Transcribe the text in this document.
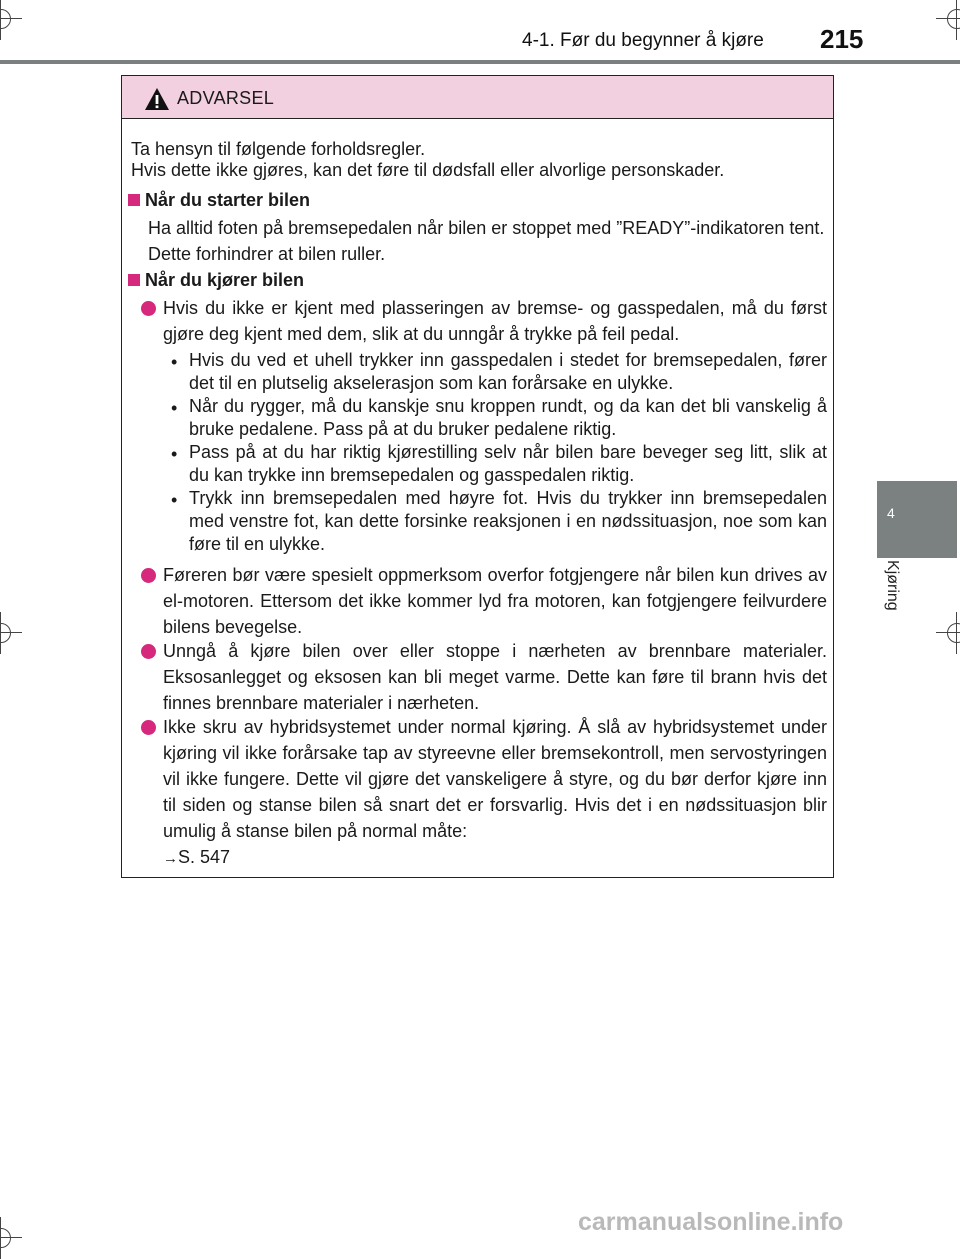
4-1. Før du begynner å kjøre 215
4
Kjøring
ADVARSEL
Ta hensyn til følgende forholdsregler.
Hvis dette ikke gjøres, kan det føre til dødsfall eller alvorlige personskader.
Når du starter bilen
Ha alltid foten på bremsepedalen når bilen er stoppet med ”READY”-indikatoren tent. Dette forhindrer at bilen ruller.
Når du kjører bilen
Hvis du ikke er kjent med plasseringen av bremse- og gasspedalen, må du først gjøre deg kjent med dem, slik at du unngår å trykke på feil pedal.
• Hvis du ved et uhell trykker inn gasspedalen i stedet for bremsepedalen, fører det til en plutselig akselerasjon som kan forårsake en ulykke.
• Når du rygger, må du kanskje snu kroppen rundt, og da kan det bli vanskelig å bruke pedalene. Pass på at du bruker pedalene riktig.
• Pass på at du har riktig kjørestilling selv når bilen bare beveger seg litt, slik at du kan trykke inn bremsepedalen og gasspedalen riktig.
• Trykk inn bremsepedalen med høyre fot. Hvis du trykker inn bremsepedalen med venstre fot, kan dette forsinke reaksjonen i en nødssituasjon, noe som kan føre til en ulykke.
Føreren bør være spesielt oppmerksom overfor fotgjengere når bilen kun drives av el-motoren. Ettersom det ikke kommer lyd fra motoren, kan fotgjengere feilvurdere bilens bevegelse.
Unngå å kjøre bilen over eller stoppe i nærheten av brennbare materialer. Eksosanlegget og eksosen kan bli meget varme. Dette kan føre til brann hvis det finnes brennbare materialer i nærheten.
Ikke skru av hybridsystemet under normal kjøring. Å slå av hybridsystemet under kjøring vil ikke forårsake tap av styreevne eller bremsekontroll, men servostyringen vil ikke fungere. Dette vil gjøre det vanskeligere å styre, og du bør derfor kjøre inn til siden og stanse bilen så snart det er forsvarlig. Hvis det i en nødssituasjon blir umulig å stanse bilen på normal måte:
→S. 547
carmanualsonline.info
